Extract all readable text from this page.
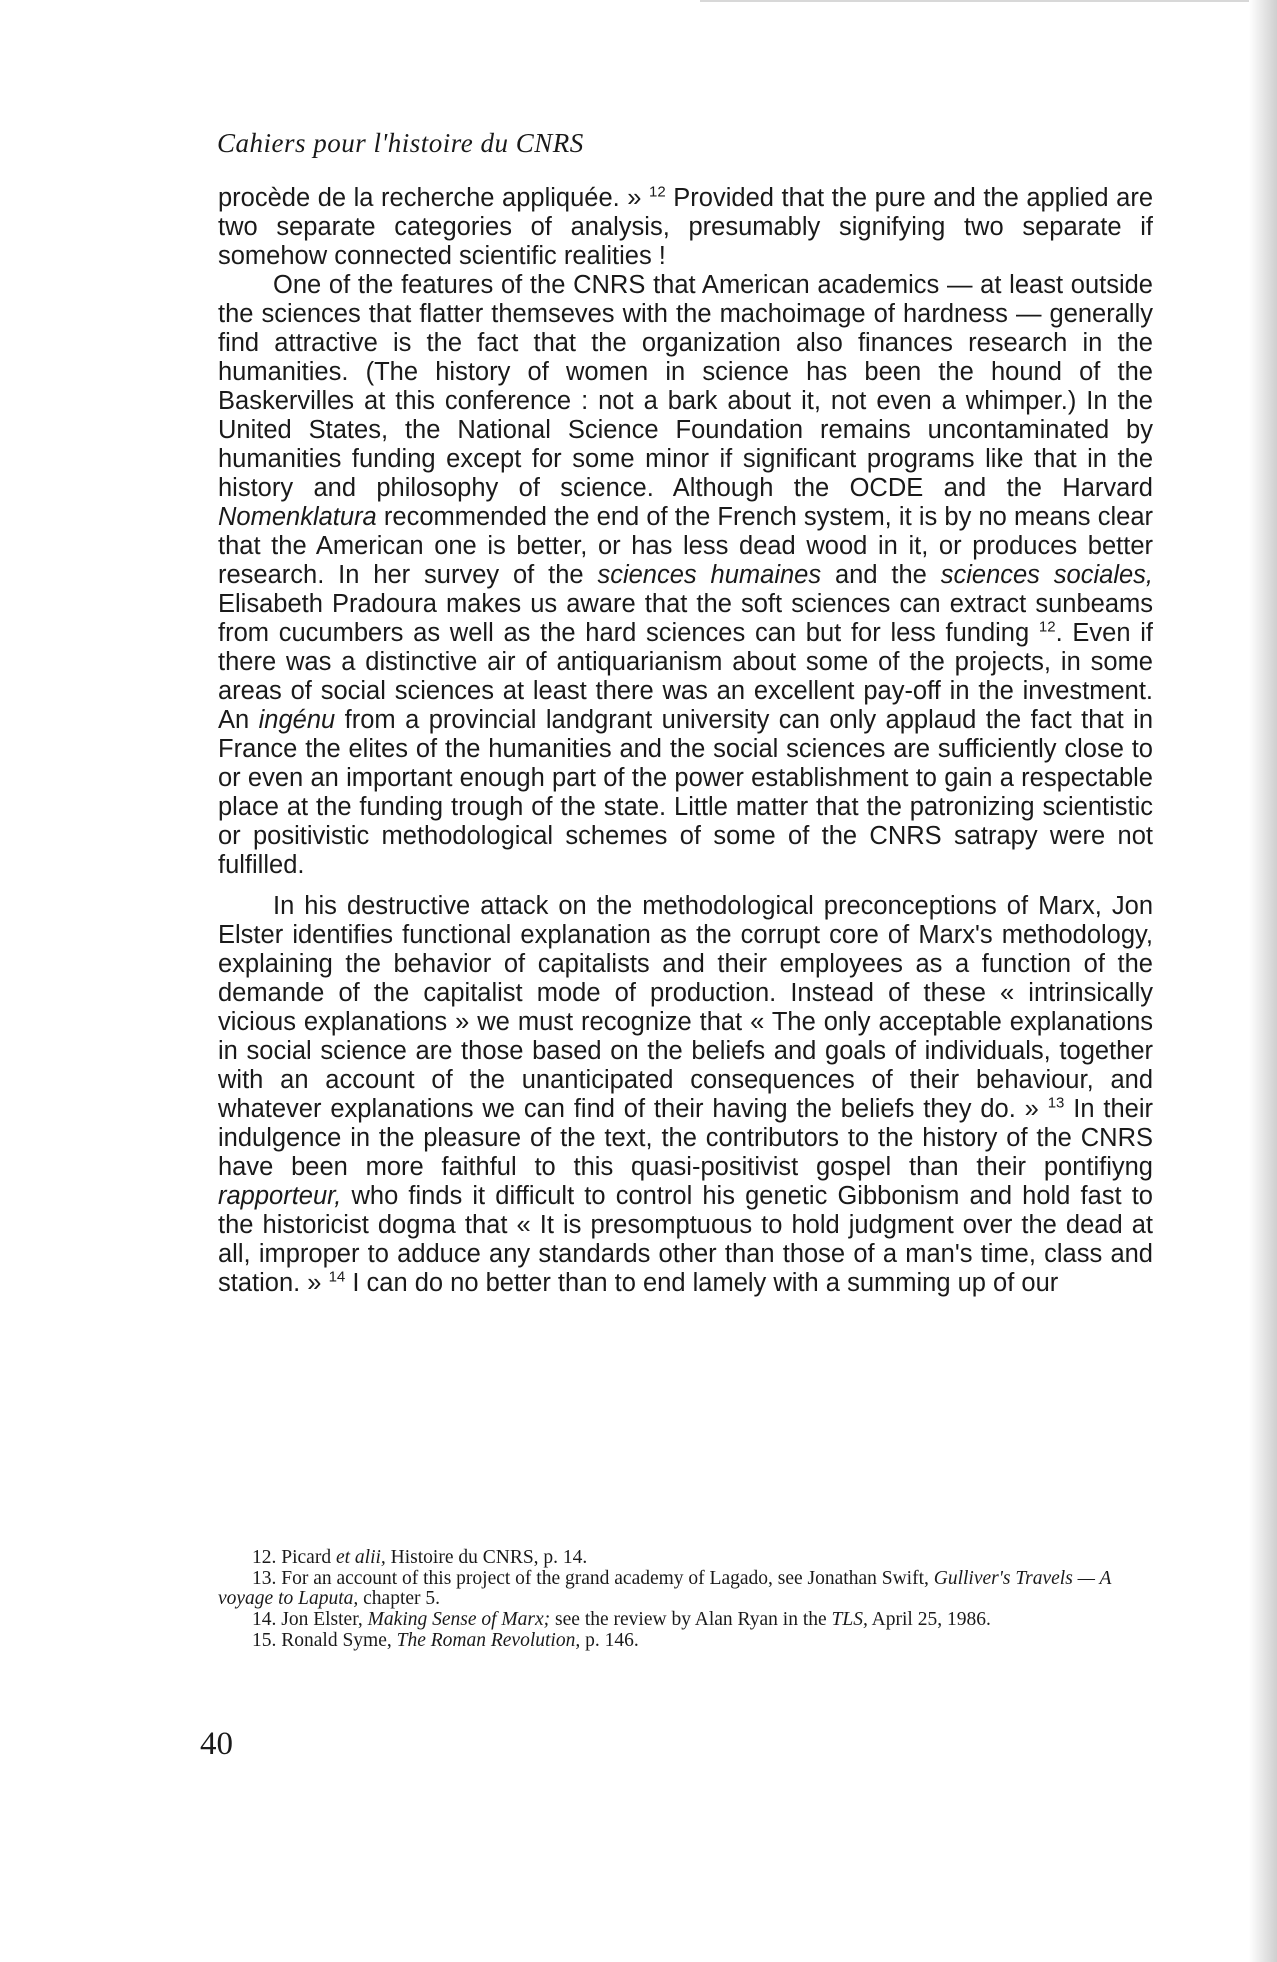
Cahiers pour l'histoire du CNRS

procède de la recherche appliquée. » $^{12}$ Provided that the pure and the applied are two separate categories of analysis, presumably signifying two separate if somehow connected scientific realities !

One of the features of the CNRS that American academics — at least outside the sciences that flatter themseves with the machoimage of hardness — generally find attractive is the fact that the organization also finances research in the humanities. (The history of women in science has been the hound of the Baskervilles at this conference : not a bark about it, not even a whimper.) In the United States, the National Science Foundation remains uncontaminated by humanities funding except for some minor if significant programs like that in the history and philosophy of science. Although the OCDE and the Harvard Nomenklatura recommended the end of the French system, it is by no means clear that the American one is better, or has less dead wood in it, or produces better research. In her survey of the sciences humaines and the sciences sociales, Elisabeth Pradoura makes us aware that the soft sciences can extract sunbeams from cucumbers as well as the hard sciences can but for less funding $^{12}$. Even if there was a distinctive air of antiquarianism about some of the projects, in some areas of social sciences at least there was an excellent pay-off in the investment. An ingénu from a provincial landgrant university can only applaud the fact that in France the elites of the humanities and the social sciences are sufficiently close to or even an important enough part of the power establishment to gain a respectable place at the funding trough of the state. Little matter that the patronizing scientistic or positivistic methodological schemes of some of the CNRS satrapy were not fulfilled.

In his destructive attack on the methodological preconceptions of Marx, Jon Elster identifies functional explanation as the corrupt core of Marx's methodology, explaining the behavior of capitalists and their employees as a function of the demande of the capitalist mode of production. Instead of these « intrinsically vicious explanations » we must recognize that « The only acceptable explanations in social science are those based on the beliefs and goals of individuals, together with an account of the unanticipated consequences of their behaviour, and whatever explanations we can find of their having the beliefs they do. » $^{13}$ In their indulgence in the pleasure of the text, the contributors to the history of the CNRS have been more faithful to this quasi-positivist gospel than their pontifiyng rapporteur, who finds it difficult to control his genetic Gibbonism and hold fast to the historicist dogma that « It is presomptuous to hold judgment over the dead at all, improper to adduce any standards other than those of a man's time, class and station. » $^{14}$ I can do no better than to end lamely with a summing up of our

12. Picard et alii, Histoire du CNRS, p. 14.

13. For an account of this project of the grand academy of Lagado, see Jonathan Swift, Gulliver's Travels — A voyage to Laputa, chapter 5.

14. Jon Elster, Making Sense of Marx; see the review by Alan Ryan in the TLS, April 25, 1986.

15. Ronald Syme, The Roman Revolution, p. 146.

40
